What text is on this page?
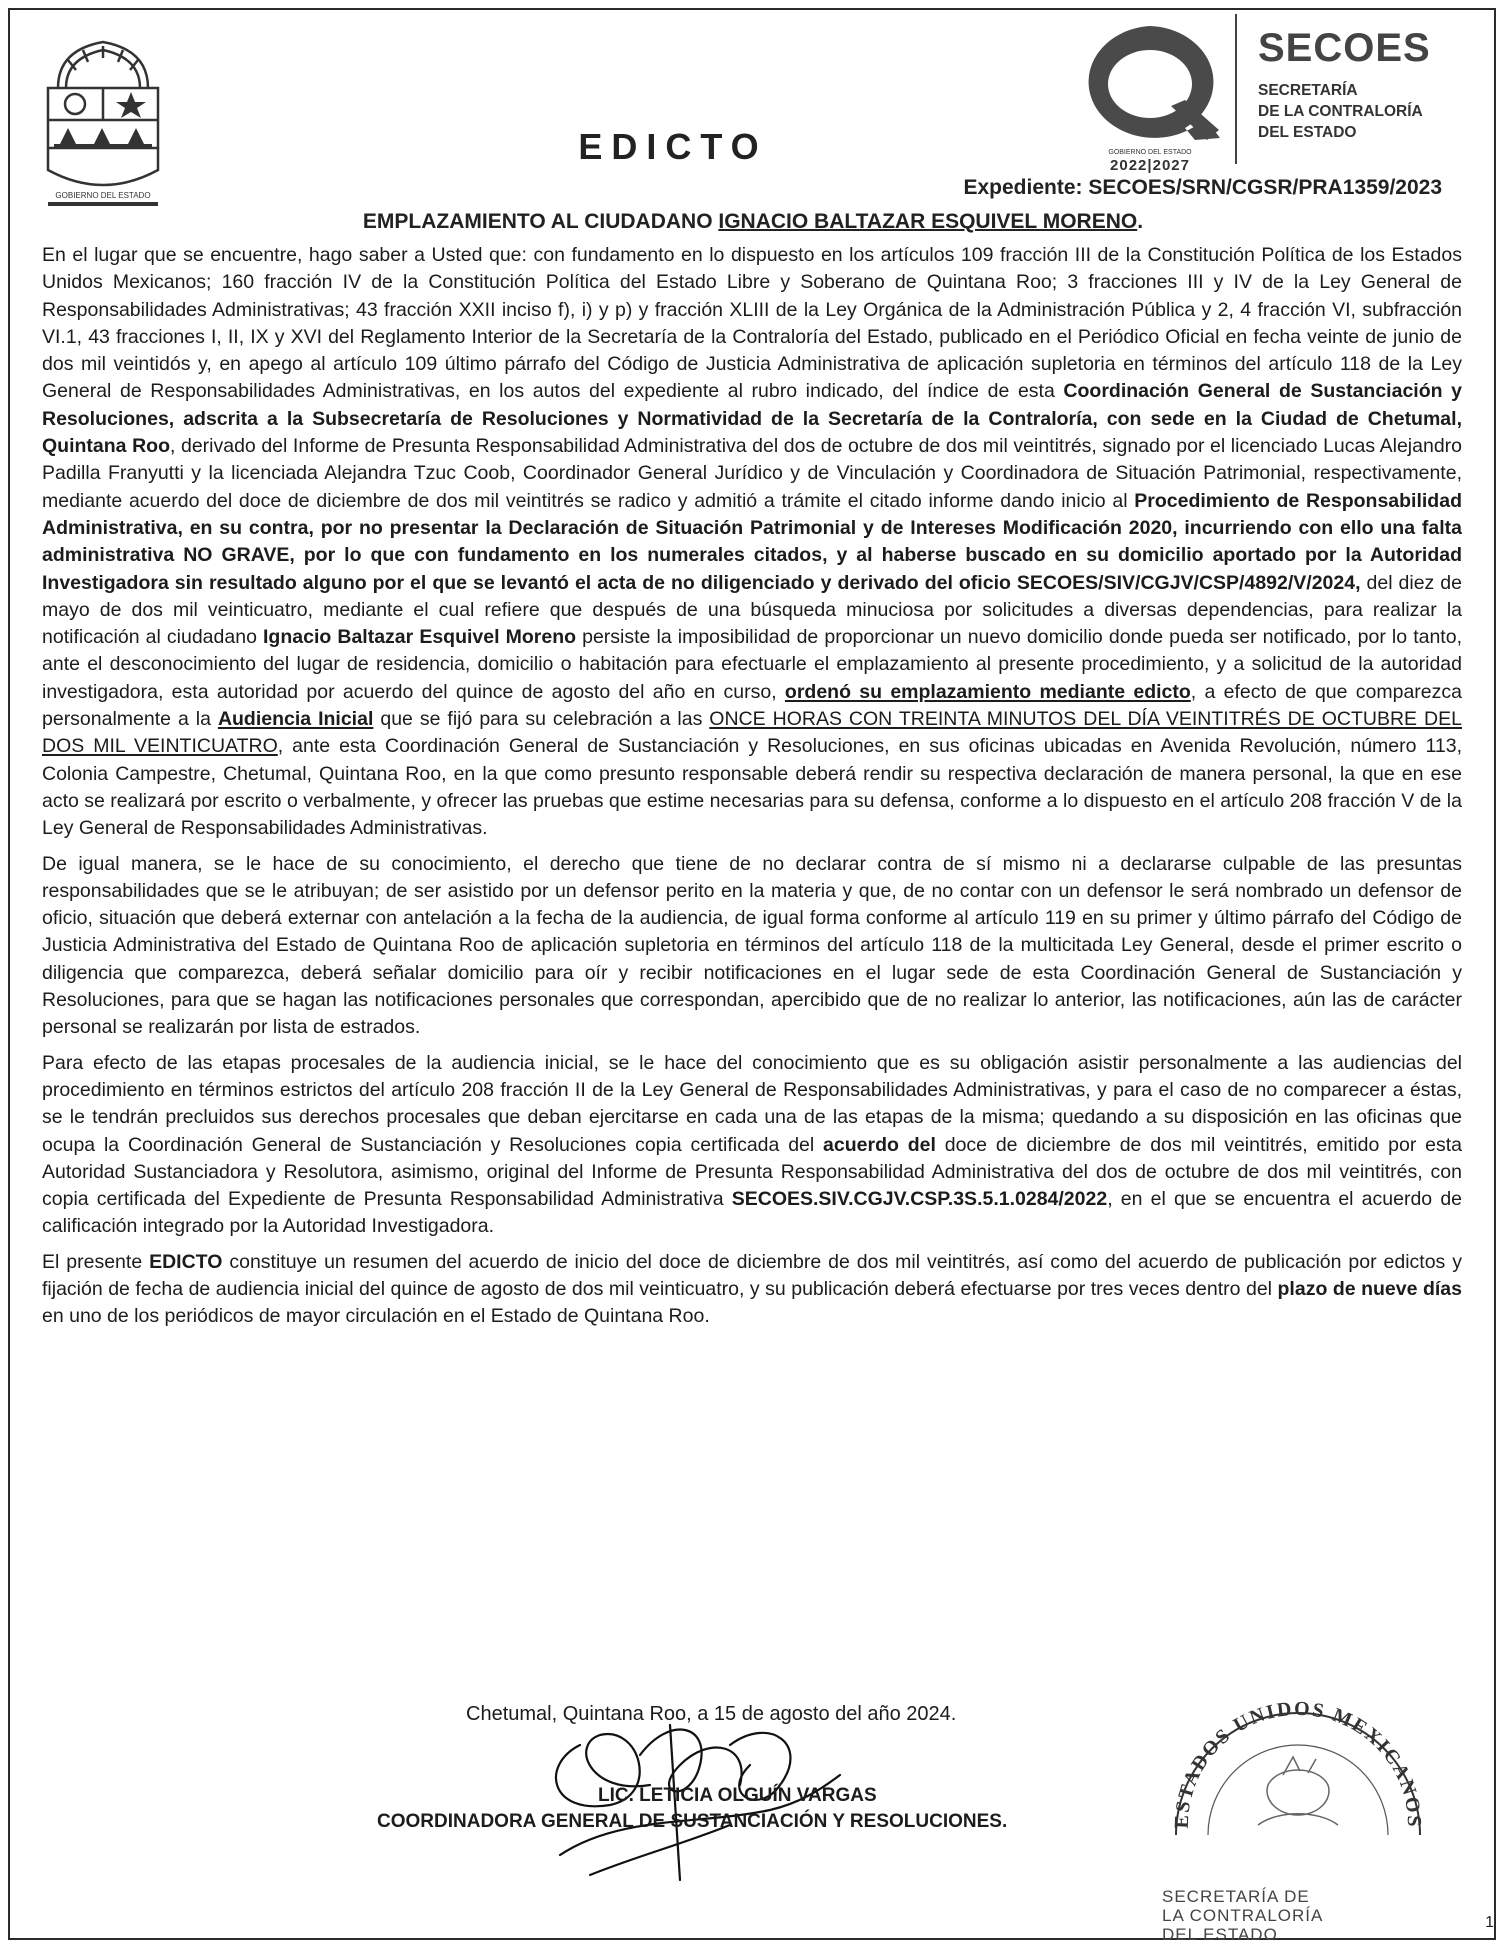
GOBIERNO DEL ESTADO
GOBIERNO DEL ESTADO
2022|2027
SECOES
SECRETARÍA
DE LA CONTRALORÍA
DEL ESTADO
EDICTO
Expediente: SECOES/SRN/CGSR/PRA1359/2023
EMPLAZAMIENTO AL CIUDADANO IGNACIO BALTAZAR ESQUIVEL MORENO.

En el lugar que se encuentre, hago saber a Usted que: con fundamento en lo dispuesto en los artículos 109 fracción III de la Constitución Política de los Estados Unidos Mexicanos; 160 fracción IV de la Constitución Política del Estado Libre y Soberano de Quintana Roo; 3 fracciones III y IV de la Ley General de Responsabilidades Administrativas; 43 fracción XXII inciso f), i) y p) y fracción XLIII de la Ley Orgánica de la Administración Pública y 2, 4 fracción VI, subfracción VI.1, 43 fracciones I, II, IX y XVI del Reglamento Interior de la Secretaría de la Contraloría del Estado, publicado en el Periódico Oficial en fecha veinte de junio de dos mil veintidós y, en apego al artículo 109 último párrafo del Código de Justicia Administrativa de aplicación supletoria en términos del artículo 118 de la Ley General de Responsabilidades Administrativas, en los autos del expediente al rubro indicado, del índice de esta Coordinación General de Sustanciación y Resoluciones, adscrita a la Subsecretaría de Resoluciones y Normatividad de la Secretaría de la Contraloría, con sede en la Ciudad de Chetumal, Quintana Roo, derivado del Informe de Presunta Responsabilidad Administrativa del dos de octubre de dos mil veintitrés, signado por el licenciado Lucas Alejandro Padilla Franyutti y la licenciada Alejandra Tzuc Coob, Coordinador General Jurídico y de Vinculación y Coordinadora de Situación Patrimonial, respectivamente, mediante acuerdo del doce de diciembre de dos mil veintitrés se radico y admitió a trámite el citado informe dando inicio al Procedimiento de Responsabilidad Administrativa, en su contra, por no presentar la Declaración de Situación Patrimonial y de Intereses Modificación 2020, incurriendo con ello una falta administrativa NO GRAVE, por lo que con fundamento en los numerales citados, y al haberse buscado en su domicilio aportado por la Autoridad Investigadora sin resultado alguno por el que se levantó el acta de no diligenciado y derivado del oficio SECOES/SIV/CGJV/CSP/4892/V/2024, del diez de mayo de dos mil veinticuatro, mediante el cual refiere que después de una búsqueda minuciosa por solicitudes a diversas dependencias, para realizar la notificación al ciudadano Ignacio Baltazar Esquivel Moreno persiste la imposibilidad de proporcionar un nuevo domicilio donde pueda ser notificado, por lo tanto, ante el desconocimiento del lugar de residencia, domicilio o habitación para efectuarle el emplazamiento al presente procedimiento, y a solicitud de la autoridad investigadora, esta autoridad por acuerdo del quince de agosto del año en curso, ordenó su emplazamiento mediante edicto, a efecto de que comparezca personalmente a la Audiencia Inicial que se fijó para su celebración a las ONCE HORAS CON TREINTA MINUTOS DEL DÍA VEINTITRÉS DE OCTUBRE DEL DOS MIL VEINTICUATRO, ante esta Coordinación General de Sustanciación y Resoluciones, en sus oficinas ubicadas en Avenida Revolución, número 113, Colonia Campestre, Chetumal, Quintana Roo, en la que como presunto responsable deberá rendir su respectiva declaración de manera personal, la que en ese acto se realizará por escrito o verbalmente, y ofrecer las pruebas que estime necesarias para su defensa, conforme a lo dispuesto en el artículo 208 fracción V de la Ley General de Responsabilidades Administrativas.

De igual manera, se le hace de su conocimiento, el derecho que tiene de no declarar contra de sí mismo ni a declararse culpable de las presuntas responsabilidades que se le atribuyan; de ser asistido por un defensor perito en la materia y que, de no contar con un defensor le será nombrado un defensor de oficio, situación que deberá externar con antelación a la fecha de la audiencia, de igual forma conforme al artículo 119 en su primer y último párrafo del Código de Justicia Administrativa del Estado de Quintana Roo de aplicación supletoria en términos del artículo 118 de la multicitada Ley General, desde el primer escrito o diligencia que comparezca, deberá señalar domicilio para oír y recibir notificaciones en el lugar sede de esta Coordinación General de Sustanciación y Resoluciones, para que se hagan las notificaciones personales que correspondan, apercibido que de no realizar lo anterior, las notificaciones, aún las de carácter personal se realizarán por lista de estrados.

Para efecto de las etapas procesales de la audiencia inicial, se le hace del conocimiento que es su obligación asistir personalmente a las audiencias del procedimiento en términos estrictos del artículo 208 fracción II de la Ley General de Responsabilidades Administrativas, y para el caso de no comparecer a éstas, se le tendrán precluidos sus derechos procesales que deban ejercitarse en cada una de las etapas de la misma; quedando a su disposición en las oficinas que ocupa la Coordinación General de Sustanciación y Resoluciones copia certificada del acuerdo del doce de diciembre de dos mil veintitrés, emitido por esta Autoridad Sustanciadora y Resolutora, asimismo, original del Informe de Presunta Responsabilidad Administrativa del dos de octubre de dos mil veintitrés, con copia certificada del Expediente de Presunta Responsabilidad Administrativa SECOES.SIV.CGJV.CSP.3S.5.1.0284/2022, en el que se encuentra el acuerdo de calificación integrado por la Autoridad Investigadora.

El presente EDICTO constituye un resumen del acuerdo de inicio del doce de diciembre de dos mil veintitrés, así como del acuerdo de publicación por edictos y fijación de fecha de audiencia inicial del quince de agosto de dos mil veinticuatro, y su publicación deberá efectuarse por tres veces dentro del plazo de nueve días en uno de los periódicos de mayor circulación en el Estado de Quintana Roo.

Chetumal, Quintana Roo, a 15 de agosto del año 2024.
LIC. LETICIA OLGUÍN VARGAS
COORDINADORA GENERAL DE SUSTANCIACIÓN Y RESOLUCIONES.	ESTADOS UNIDOS MEXICANOS
SECRETARÍA DE
LA CONTRALORÍA
DEL ESTADO
1
